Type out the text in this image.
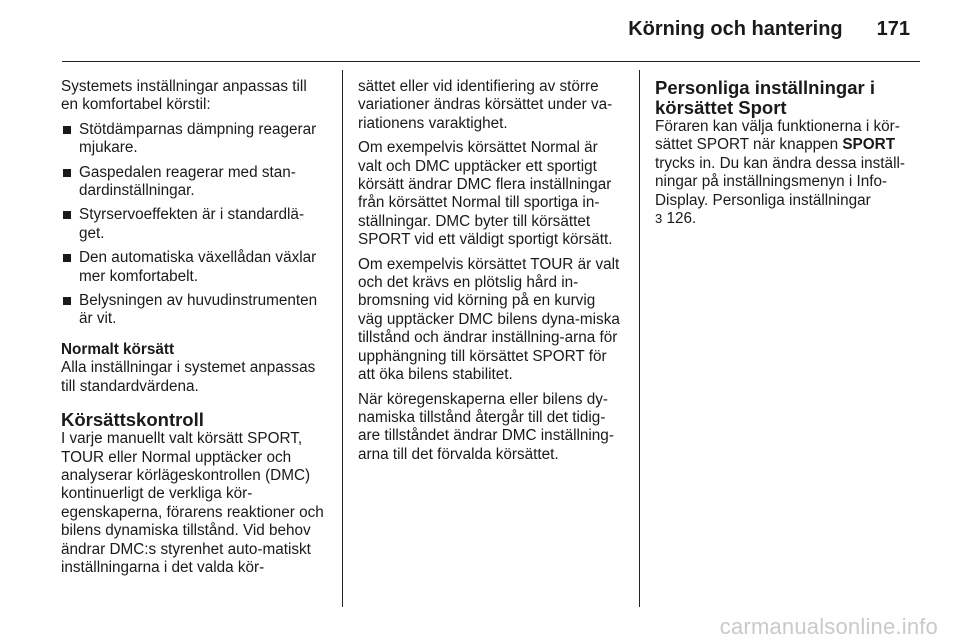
Körning och hantering 171

Systemets inställningar anpassas till en komfortabel körstil:

Stötdämparnas dämpning reagerar mjukare.
Gaspedalen reagerar med stan-dardinställningar.
Styrservoeffekten är i standardlä-get.
Den automatiska växellådan växlar mer komfortabelt.
Belysningen av huvudinstrumenten är vit.
Normalt körsätt

Alla inställningar i systemet anpassas till standardvärdena.

Körsättskontroll

I varje manuellt valt körsätt SPORT, TOUR eller Normal upptäcker och analyserar körlägeskontrollen (DMC) kontinuerligt de verkliga kör-egenskaperna, förarens reaktioner och bilens dynamiska tillstånd. Vid behov ändrar DMC:s styrenhet auto-matiskt inställningarna i det valda kör-

sättet eller vid identifiering av större variationer ändras körsättet under va-riationens varaktighet.

Om exempelvis körsättet Normal är valt och DMC upptäcker ett sportigt körsätt ändrar DMC flera inställningar från körsättet Normal till sportiga in-ställningar. DMC byter till körsättet SPORT vid ett väldigt sportigt körsätt.

Om exempelvis körsättet TOUR är valt och det krävs en plötslig hård in-bromsning vid körning på en kurvig väg upptäcker DMC bilens dyna-miska tillstånd och ändrar inställning-arna för upphängning till körsättet SPORT för att öka bilens stabilitet.

När köregenskaperna eller bilens dy-namiska tillstånd återgår till det tidig-are tillståndet ändrar DMC inställning-arna till det förvalda körsättet.

Personliga inställningar i körsättet Sport

Föraren kan välja funktionerna i kör-sättet SPORT när knappen SPORT trycks in. Du kan ändra dessa inställ-ningar på inställningsmenyn i Info-Display. Personliga inställningar
3 126.

carmanualsonline.info
